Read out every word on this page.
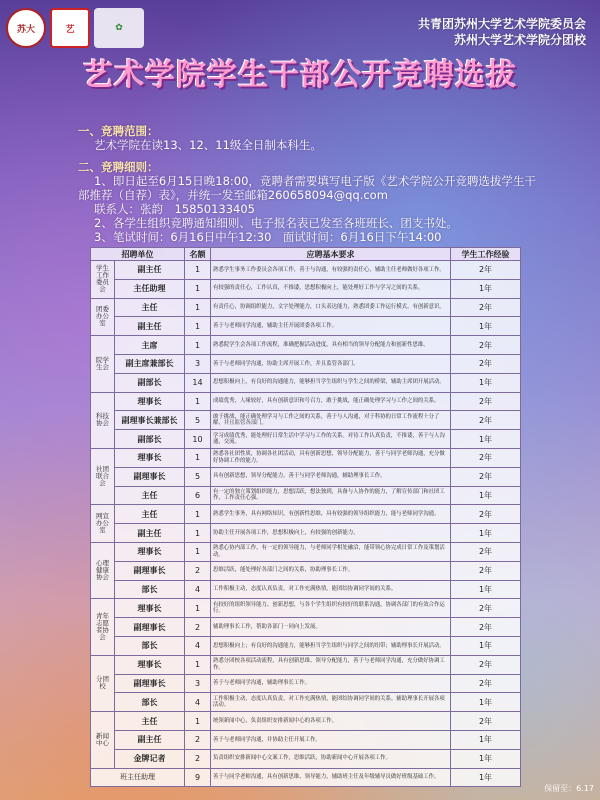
苏大	艺	✿	共青团苏州大学艺术学院委员会
苏州大学艺术学院分团校
艺术学院学生干部公开竞聘选拔
一、竞聘范围：
艺术学院在读13、12、11级全日制本科生。
二、竞聘细则：
1、即日起至6月15日晚18:00，竞聘者需要填写电子版《艺术学院公开竞聘选拔学生干部推荐（自荐）表》，并统一发至邮箱260658094@qq.com
联系人：张韵　15850133405
2、各学生组织竞聘通知细则、电子报名表已发至各班班长、团支书处。
3、笔试时间：6月16日中午12:30　面试时间：6月16日下午14:00
招聘单位		名额	应聘基本要求	学生工作经验
学生工作委员会	副主任	1	熟悉学生事务工作委员会各项工作，善于与沟通，有较强的责任心，辅助主任老师做好各项工作。	2年
	主任助理	1	有较强的责任心，工作认真，不推诿，思想积极向上，能处理好工作与学习之间的关系。	1年
团委办公室	主任	1	有责任心，协调组织能力，文字处理能力，口头表达能力，熟悉团委工作运行模式，有创新意识。	2年
	副主任	1	善于与老师同学沟通，辅助主任开展团委各项工作。	1年
院学生会	主席	1	熟悉院学生会各项工作流程，准确把握活动进度，具有相当的领导分配能力和创新性思维。	2年
	副主席兼部长	3	善于与老师同学沟通，协助主席开展工作，并且监管各部门。	2年
	副部长	14	思想积极向上，有良好的沟通能力，能够担当学生组织与学生之间的桥梁，辅助主席团开展活动。	1年
科技协会	理事长	1	成绩优秀，人缘较好，具有创新意识和号召力，敢于挑战，能正确处理学习与工作之间的关系。	2年
	副理事长兼部长	5	敢于挑战，能正确处理学习与工作之间的关系，善于与人沟通，对于科协的日常工作流程十分了解，并且监管各部门。	2年
	副部长	10	学习成绩优秀，能处理好日常生活中学习与工作的关系。对待工作认真负责，不推诿，善于与人沟通，交流。	1年
社团联合会	理事长	1	熟悉各社团性质，协调各社团活动，具有创新思想，领导分配能力，善于与同学老师沟通，充分做好协调工作的能力。	2年
	副理事长	5	具有创新思想，领导分配能力，善于与同学老师沟通，辅助理事长工作。	2年
	主任	6	有一定的独立策划组织能力，思想活跃，想法独到，具备与人协作的能力，了解宣传部门和社团工作，工作责任心强。	1年
网宣办公室	主任	1	熟悉学生事务，具有网络知识，有创新性思维，具有较强的领导组织能力，能与老师同学沟通。	2年
	副主任	1	协助主任开展各项工作，思想积极向上，有较强的创新能力。	1年
心理健康协会	理事长	1	熟悉心协内部工作，有一定的领导能力，与老师同学相处融洽，能带领心协完成日常工作及策划活动。	2年
	副理事长	2	思维活跃，能处理好各部门之间的关系，协助理事长工作。	2年
	部长	4	工作积极主动，态度认真负责，对工作充满热情，能团结协调同学间的关系。	1年
青年志愿者协会	理事长	1	有较好的组织领导能力、创新思想，与各个学生组织有较好的联系沟通，协调各部门的有效合作运行。	2年
	副理事长	2	辅助理事长工作，帮助各部门一同向上发展。	2年
	部长	4	思想积极向上；有良好的沟通能力，能够担当学生组织与同学之间的纽带；辅助理事长开展活动。	1年
分团校	理事长	1	熟悉分团校各项活动流程，具有创新思维、领导分配能力，善于与老师同学沟通，充分做好协调工作。	2年
	副理事长	3	善于与老师同学沟通，辅助理事长工作。	2年
	部长	4	工作积极主动，态度认真负责，对工作充满热情，能团结协调同学间的关系。辅助理事长开展各项活动。	1年
新闻中心	主任	1	统领新闻中心，负责组织安排新闻中心的各项工作。	2年
	副主任	2	善于与老师同学沟通，并协助主任开展工作。	1年
	金牌记者	2	负责组织安排新闻中心文案工作，思维活跃，协助新闻中心开展各项工作。	1年
班主任助理		9	善于与同学老师沟通，具有创新思维、领导能力，辅助班主任及年级辅导员做好班级基础工作。	1年
保留至：6.17
